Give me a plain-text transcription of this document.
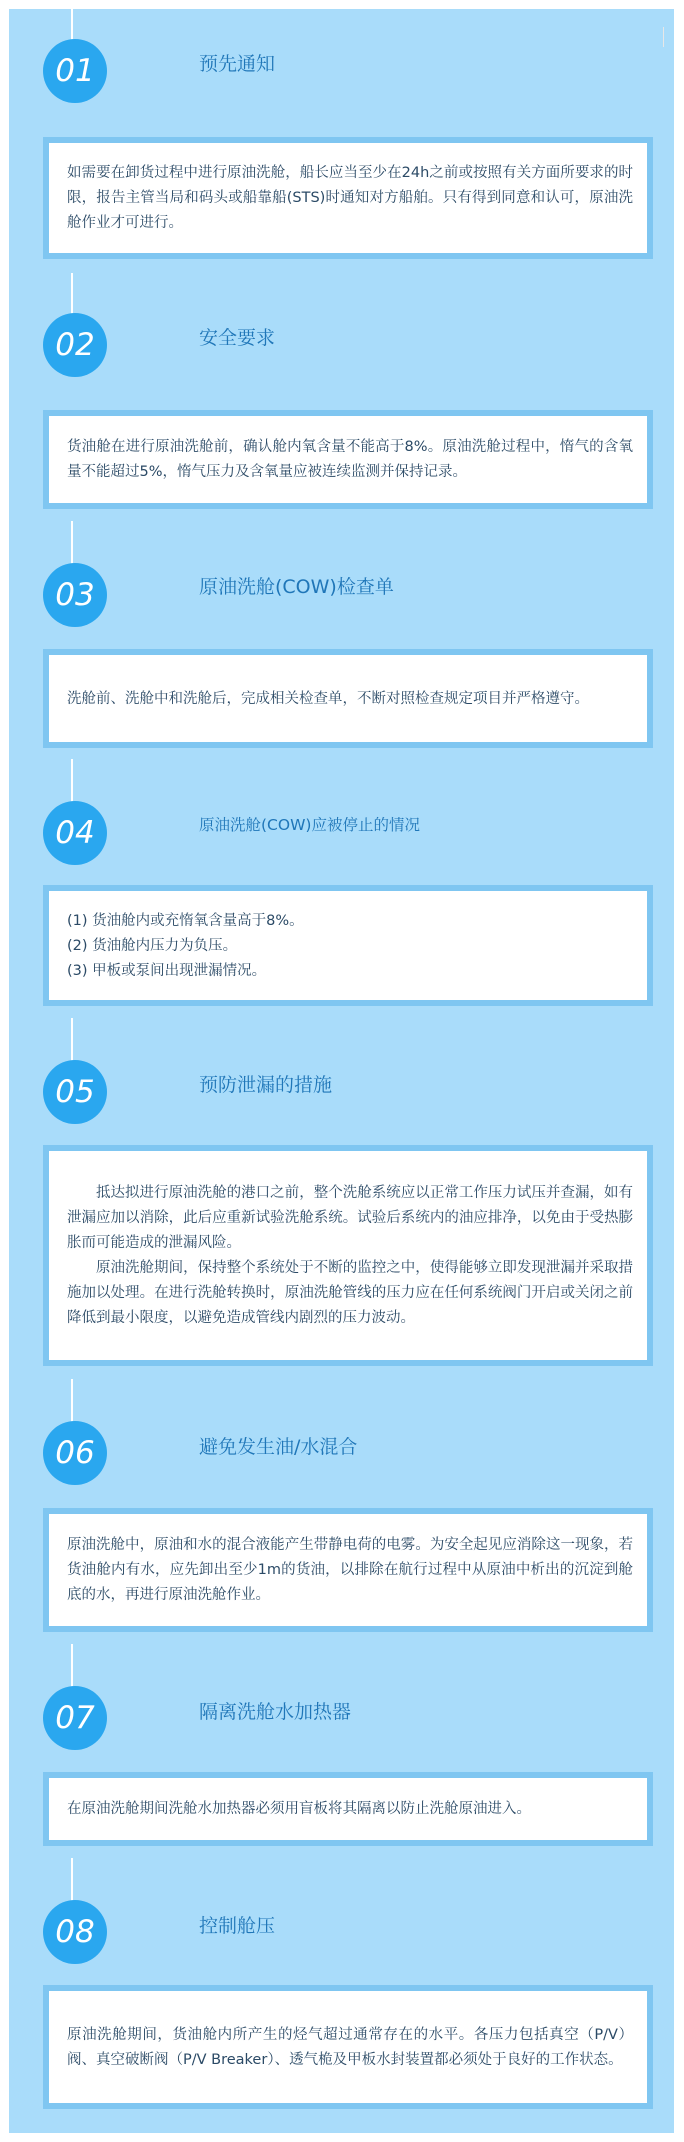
01	预先通知

如需要在卸货过程中进行原油洗舱，船长应当至少在24h之前或按照有关方面所要求的时限，报告主管当局和码头或船靠船(STS)时通知对方船舶。只有得到同意和认可，原油洗舱作业才可进行。

02	安全要求

货油舱在进行原油洗舱前，确认舱内氧含量不能高于8%。原油洗舱过程中，惰气的含氧量不能超过5%，惰气压力及含氧量应被连续监测并保持记录。

03	原油洗舱(COW)检查单

洗舱前、洗舱中和洗舱后，完成相关检查单，不断对照检查规定项目并严格遵守。

04	原油洗舱(COW)应被停止的情况

(1) 货油舱内或充惰氧含量高于8%。

(2) 货油舱内压力为负压。

(3) 甲板或泵间出现泄漏情况。

05	预防泄漏的措施

抵达拟进行原油洗舱的港口之前，整个洗舱系统应以正常工作压力试压并查漏，如有泄漏应加以消除，此后应重新试验洗舱系统。试验后系统内的油应排净，以免由于受热膨胀而可能造成的泄漏风险。

原油洗舱期间，保持整个系统处于不断的监控之中，使得能够立即发现泄漏并采取措施加以处理。在进行洗舱转换时，原油洗舱管线的压力应在任何系统阀门开启或关闭之前降低到最小限度，以避免造成管线内剧烈的压力波动。

06	避免发生油/水混合

原油洗舱中，原油和水的混合液能产生带静电荷的电雾。为安全起见应消除这一现象，若货油舱内有水，应先卸出至少1m的货油，以排除在航行过程中从原油中析出的沉淀到舱底的水，再进行原油洗舱作业。

07	隔离洗舱水加热器

在原油洗舱期间洗舱水加热器必须用盲板将其隔离以防止洗舱原油进入。

08	控制舱压

原油洗舱期间，货油舱内所产生的烃气超过通常存在的水平。各压力包括真空（P/V）阀、真空破断阀（P/V Breaker）、透气桅及甲板水封装置都必须处于良好的工作状态。
